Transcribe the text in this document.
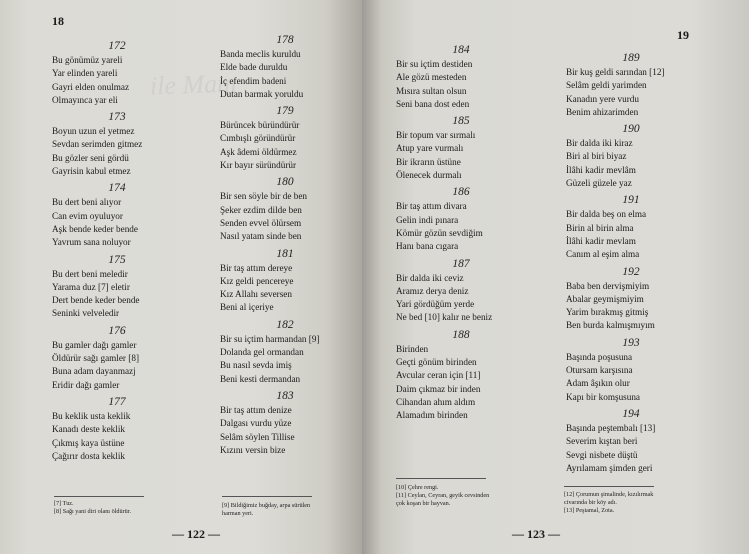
ile Manı
18
172
Bu gönümüz yareli
Yar elinden yareli
Gayri elden onulmaz
Olmayınca yar eli
173
Boyun uzun el yetmez
Sevdan serimden gitmez
Bu gözler seni gördü
Gayrisin kabul etmez
174
Bu dert beni alıyor
Can evim oyuluyor
Aşk bende keder bende
Yavrum sana noluyor
175
Bu dert beni meledir
Yarama duz [7] eletir
Dert bende keder bende
Seninki velveledir
176
Bu gamler dağı gamler
Öldürür sağı gamler [8]
Buna adam dayanmazj
Eridir dağı gamler
177
Bu keklik usta keklik
Kanadı deste keklik
Çıkmış kaya üstüne
Çağırır dosta keklik
178
Banda meclis kuruldu
Elde bade duruldu
İç efendim badeni
Dutan barmak yoruldu
179
Bürüncek büründürür
Cımbışlı göründürür
Aşk âdemi öldürmez
Kır bayır süründürür
180
Bir sen söyle bir de ben
Şeker ezdim dilde ben
Senden evvel ölürsem
Nasıl yatam sinde ben
181
Bir taş attım dereye
Kız geldi pencereye
Kız Allahı seversen
Beni al içeriye
182
Bir su içtim harmandan [9]
Dolanda gel ormandan
Bu nasıl sevda imiş
Beni kesti dermandan
183
Bir taş attım denize
Dalgası vurdu yüze
Selâm söylen Tillise
Kızını versin bize
[7] Tuz.
[8] Sağı yani diri olanı öldürür.
[9] Bildiğimiz buğday, arpa sürülen
harman yeri.
— 122 —
19
184
Bir su içtim destiden
Ale gözü mesteden
Mısıra sultan olsun
Seni bana dost eden
185
Bir topum var sırmalı
Atup yare vurmalı
Bir ikrarın üstüne
Ölenecek durmalı
186
Bir taş attım divara
Gelin indi pınara
Kömür gözün sevdiğim
Hanı bana cıgara
187
Bir dalda iki ceviz
Aramız derya deniz
Yari gördüğüm yerde
Ne bed [10] kalır ne beniz
188
Birinden
Geçti gönüm birinden
Avcular ceran için [11]
Daim çıkmaz bir inden
Cihandan ahım aldım
Alamadım birinden
189
Bir kuş geldi sarından [12]
Selâm geldi yarimden
Kanadın yere vurdu
Benim ahizarimden
190
Bir dalda iki kiraz
Biri al biri biyaz
İlâhi kadir mevlâm
Güzeli güzele yaz
191
Bir dalda beş on elma
Birin al birin alma
İlâhi kadir mevlam
Canım al eşim alma
192
Baba ben dervişmiyim
Abalar geymişmiyim
Yarim bırakmış gitmiş
Ben burda kalmışmıyım
193
Başında poşusuna
Otursam karşısına
Adam âşıkın olur
Kapı bir komşusuna
194
Başında peştembalı [13]
Severim kıştan beri
Sevgi nisbete düştü
Ayrılamam şimden geri
[10] Çehre rengi.
[11] Ceylan, Ceyran, geyik cevsinden
çok koşan bir hayvan.
[12] Çorumun şimalinde, kızılırmak
civarında bir köy adı.
[13] Peştamal, Zota.
— 123 —
